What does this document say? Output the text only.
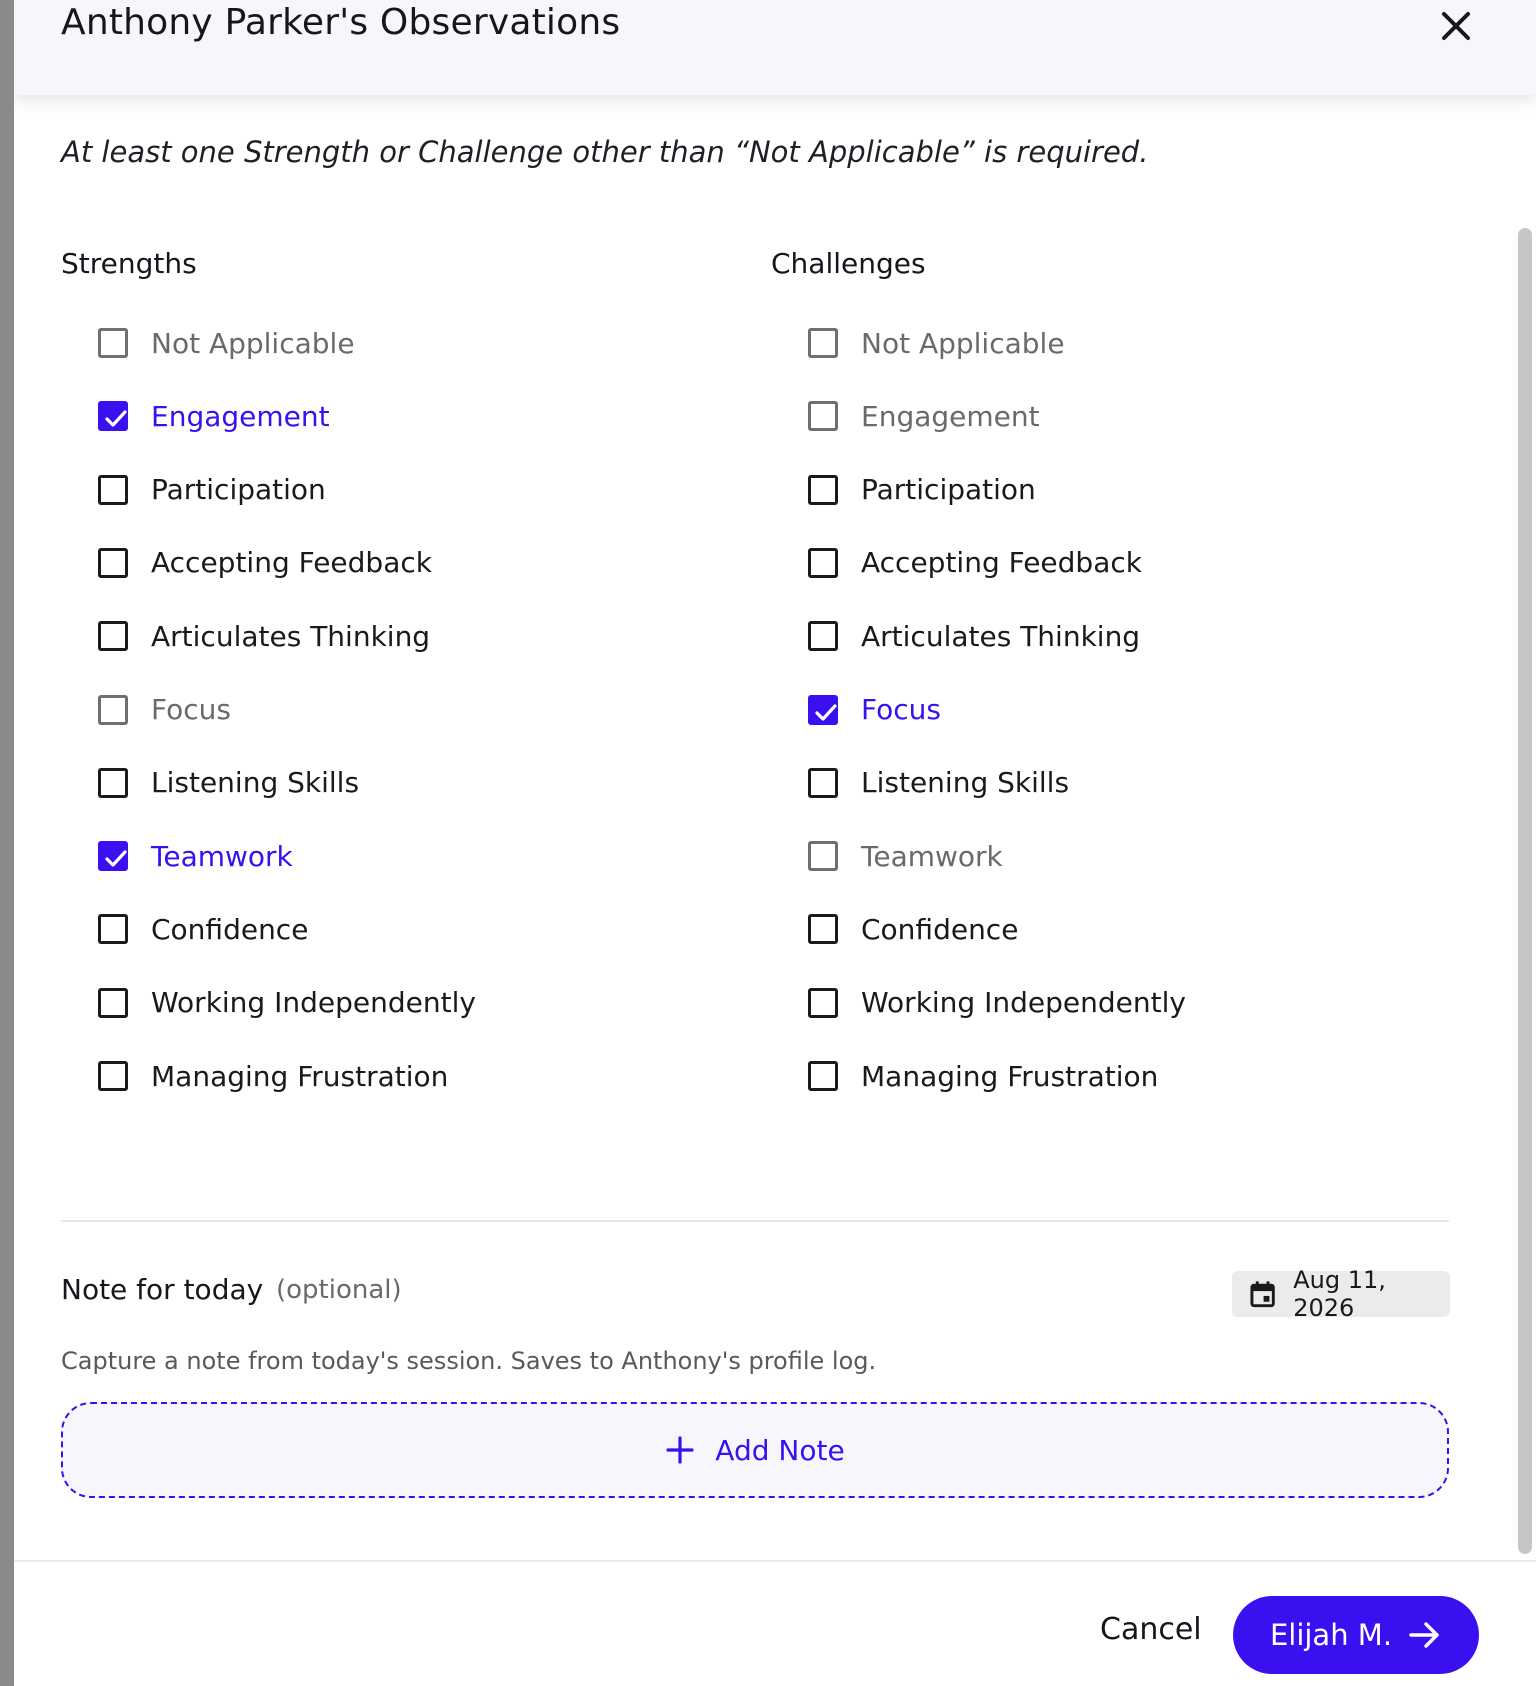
Anthony Parker's Observations
At least one Strength or Challenge other than “Not Applicable” is required.
Strengths	Challenges
Not Applicable
Engagement
Participation
Accepting Feedback
Articulates Thinking
Focus
Listening Skills
Teamwork
Confidence
Working Independently
Managing Frustration
Not Applicable
Engagement
Participation
Accepting Feedback
Articulates Thinking
Focus
Listening Skills
Teamwork
Confidence
Working Independently
Managing Frustration
Note for today (optional)	Aug 11, 2026
Capture a note from today's session. Saves to Anthony's profile log.
Add Note
Cancel Elijah M.
